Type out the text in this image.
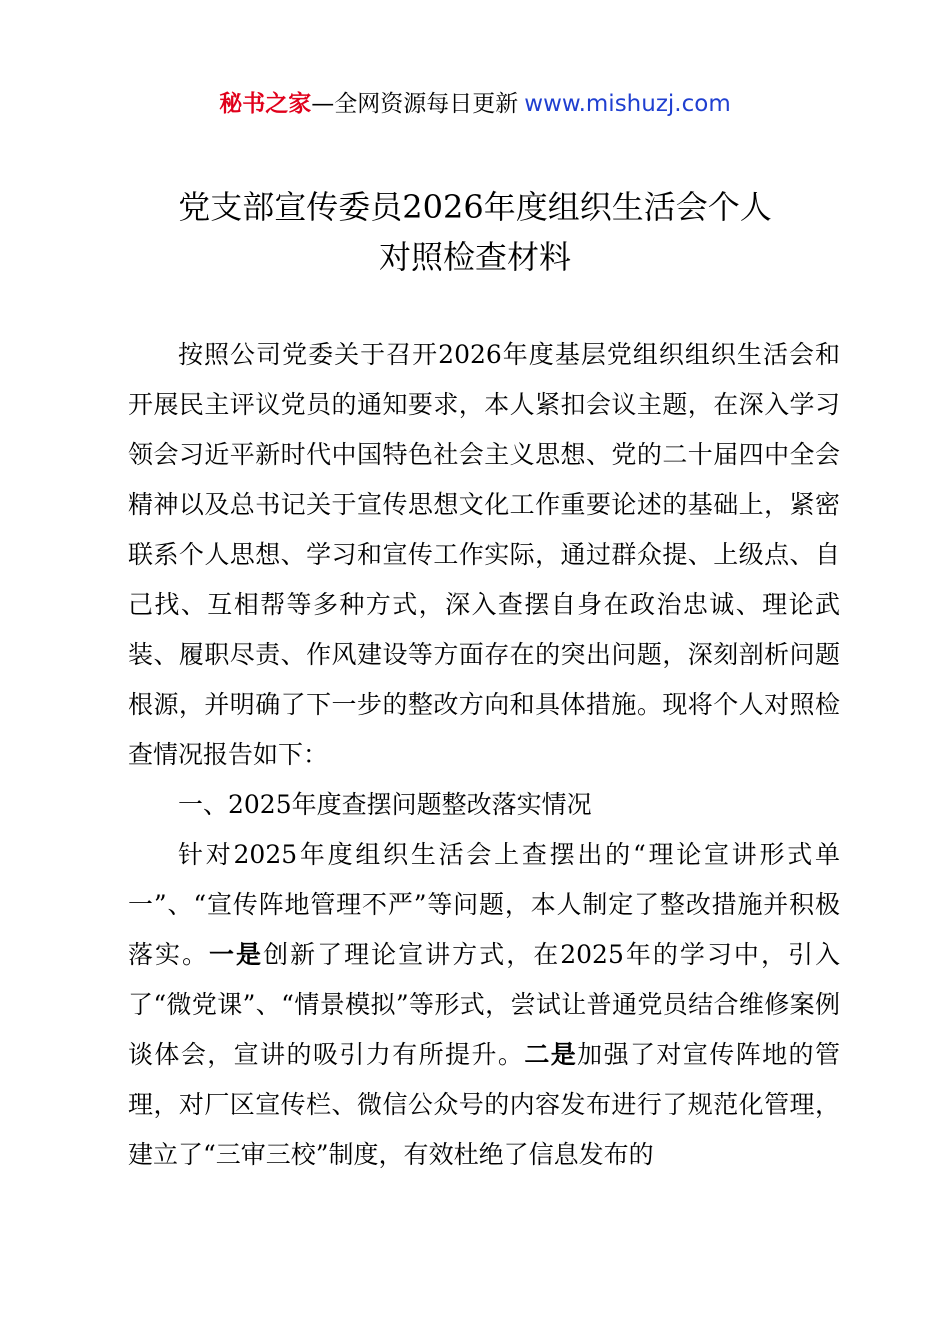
秘书之家—全网资源每日更新 www.mishuzj.com
党支部宣传委员2026年度组织生活会个人
对照检查材料

按照公司党委关于召开2026年度基层党组织组织生活会和开展民主评议党员的通知要求，本人紧扣会议主题，在深入学习领会习近平新时代中国特色社会主义思想、党的二十届四中全会精神以及总书记关于宣传思想文化工作重要论述的基础上，紧密联系个人思想、学习和宣传工作实际，通过群众提、上级点、自己找、互相帮等多种方式，深入查摆自身在政治忠诚、理论武装、履职尽责、作风建设等方面存在的突出问题，深刻剖析问题根源，并明确了下一步的整改方向和具体措施。现将个人对照检查情况报告如下：

一、2025年度查摆问题整改落实情况

针对2025年度组织生活会上查摆出的“理论宣讲形式单一”、“宣传阵地管理不严”等问题，本人制定了整改措施并积极落实。一是创新了理论宣讲方式，在2025年的学习中，引入了“微党课”、“情景模拟”等形式，尝试让普通党员结合维修案例谈体会，宣讲的吸引力有所提升。二是加强了对宣传阵地的管理，对厂区宣传栏、微信公众号的内容发布进行了规范化管理，建立了“三审三校”制度，有效杜绝了信息发布的
